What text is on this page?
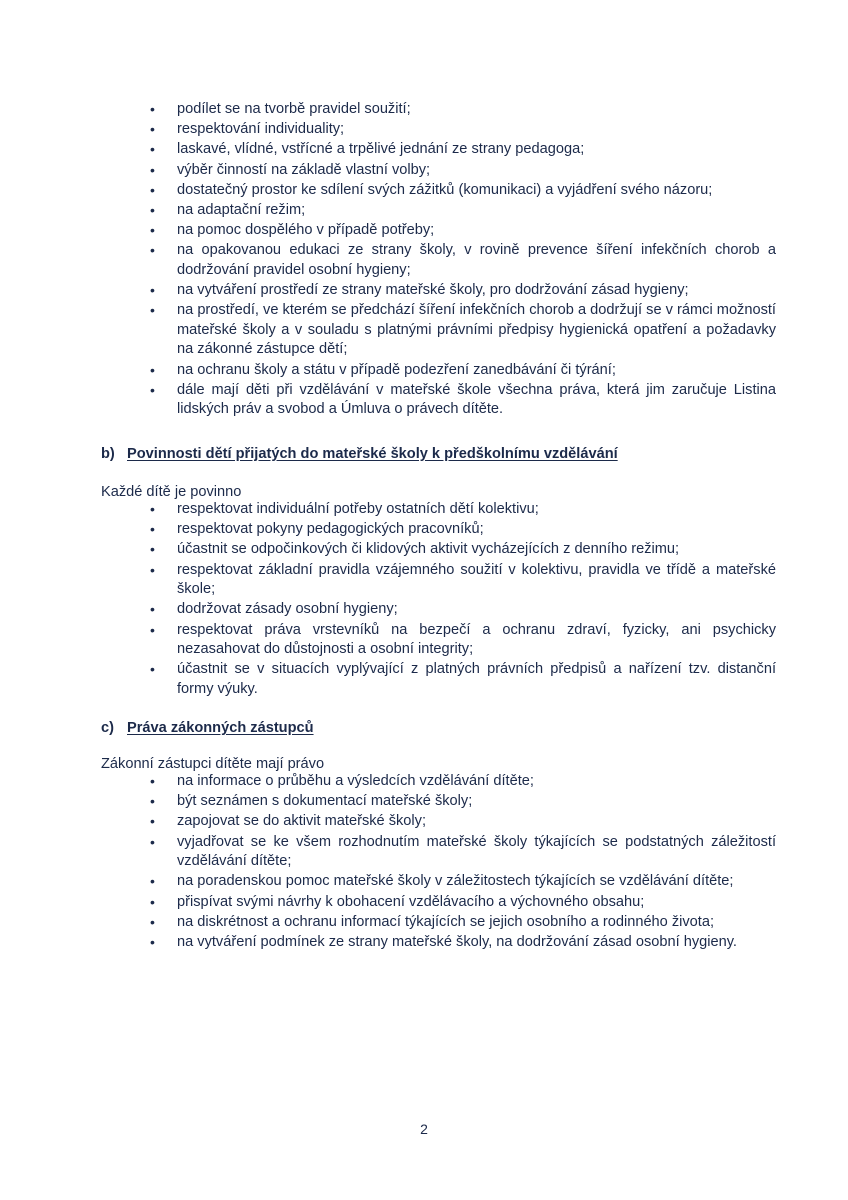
• podílet se na tvorbě pravidel soužití;
• respektování individuality;
• laskavé, vlídné, vstřícné a trpělivé jednání ze strany pedagoga;
• výběr činností na základě vlastní volby;
• dostatečný prostor ke sdílení svých zážitků (komunikaci) a vyjádření svého názoru;
• na adaptační režim;
• na pomoc dospělého v případě potřeby;
• na opakovanou edukaci ze strany školy, v rovině prevence šíření infekčních chorob a dodržování pravidel osobní hygieny;
• na vytváření prostředí ze strany mateřské školy, pro dodržování zásad hygieny;
• na prostředí, ve kterém se předchází šíření infekčních chorob a dodržují se v rámci možností mateřské školy a v souladu s platnými právními předpisy hygienická opatření a požadavky na zákonné zástupce dětí;
• na ochranu školy a státu v případě podezření zanedbávání či týrání;
• dále mají děti při vzdělávání v mateřské škole všechna práva, která jim zaručuje Listina lidských práv a svobod a Úmluva o právech dítěte.
b) Povinnosti dětí přijatých do mateřské školy k předškolnímu vzdělávání
Každé dítě je povinno
• respektovat individuální potřeby ostatních dětí kolektivu;
• respektovat pokyny pedagogických pracovníků;
• účastnit se odpočinkových či klidových aktivit vycházejících z denního režimu;
• respektovat základní pravidla vzájemného soužití v kolektivu, pravidla ve třídě a mateřské škole;
• dodržovat zásady osobní hygieny;
• respektovat práva vrstevníků na bezpečí a ochranu zdraví, fyzicky, ani psychicky nezasahovat do důstojnosti a osobní integrity;
• účastnit se v situacích vyplývající z platných právních předpisů a nařízení tzv. distanční formy výuky.
c) Práva zákonných zástupců
Zákonní zástupci dítěte mají právo
• na informace o průběhu a výsledcích vzdělávání dítěte;
• být seznámen s dokumentací mateřské školy;
• zapojovat se do aktivit mateřské školy;
• vyjadřovat se ke všem rozhodnutím mateřské školy týkajících se podstatných záležitostí vzdělávání dítěte;
• na poradenskou pomoc mateřské školy v záležitostech týkajících se vzdělávání dítěte;
• přispívat svými návrhy k obohacení vzdělávacího a výchovného obsahu;
• na diskrétnost a ochranu informací týkajících se jejich osobního a rodinného života;
• na vytváření podmínek ze strany mateřské školy, na dodržování zásad osobní hygieny.
2
